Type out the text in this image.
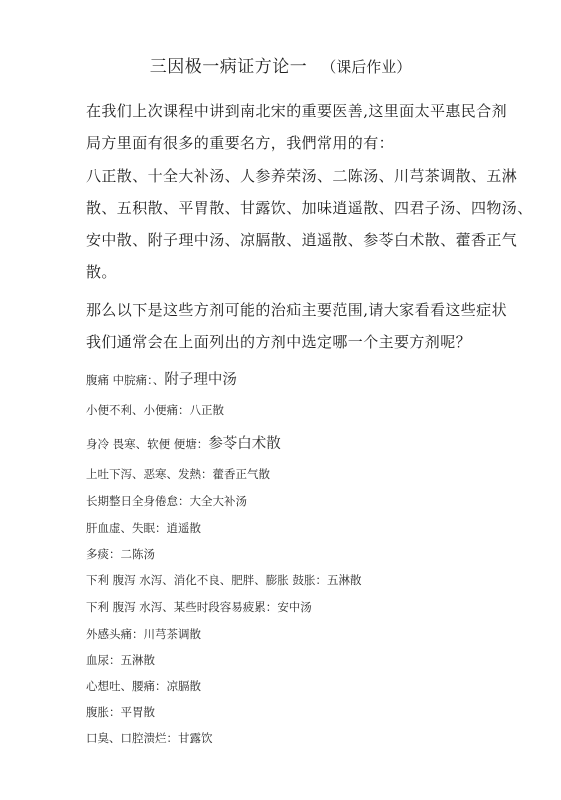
三因极一病证方论一 （课后作业）
在我们上次课程中讲到南北宋的重要医善,这里面太平惠民合剂
局方里面有很多的重要名方，我們常用的有：
八正散、十全大补汤、人参养荣汤、二陈汤、川芎茶调散、五淋
散、五积散、平胃散、甘露饮、加味逍遥散、四君子汤、四物汤、
安中散、附子理中汤、凉膈散、逍遥散、参苓白术散、藿香正气
散。
那么以下是这些方剂可能的治疝主要范围,请大家看看这些症状
我们通常会在上面列出的方剂中选定哪一个主要方剂呢？
腹痛 中脘痛：、附子理中汤
小便不利、小便痛：八正散
身冷 畏寒、软便 便塘：参苓白术散
上吐下泻、恶寒、发熱：藿香正气散
长期整日全身倦怠：大全大补汤
肝血虚、失眠：逍遥散
多痰：二陈汤
下利 腹泻 水泻、消化不良、肥胖、膨胀 鼓胀：五淋散
下利 腹泻 水泻、某些时段容易疲累：安中汤
外感头痛：川芎茶调散
血尿：五淋散
心想吐、腰痛：凉膈散
腹胀：平胃散
口臭、口腔溃烂：甘露饮
